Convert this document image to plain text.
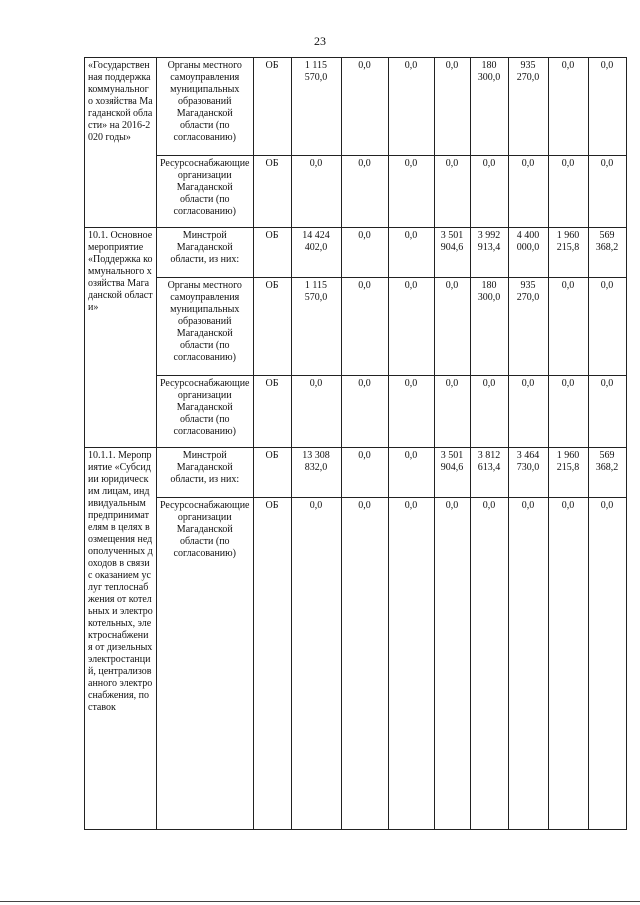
23
«Государственная поддержка коммунального хозяйства Магаданской области» на 2016-2020 годы»	Органы местного самоуправления муниципальных образований Магаданской области (по согласованию)	ОБ	1 115 570,0	0,0	0,0	0,0	180 300,0	935 270,0	0,0	0,0
	Ресурсоснабжающие организации Магаданской области (по согласованию)	ОБ	0,0	0,0	0,0	0,0	0,0	0,0	0,0	0,0
10.1. Основное мероприятие «Поддержка коммунального хозяйства Магаданской области»	Минстрой Магаданской области, из них:	ОБ	14 424 402,0	0,0	0,0	3 501 904,6	3 992 913,4	4 400 000,0	1 960 215,8	569 368,2
	Органы местного самоуправления муниципальных образований Магаданской области (по согласованию)	ОБ	1 115 570,0	0,0	0,0	0,0	180 300,0	935 270,0	0,0	0,0
	Ресурсоснабжающие организации Магаданской области (по согласованию)	ОБ	0,0	0,0	0,0	0,0	0,0	0,0	0,0	0,0
10.1.1. Мероприятие «Субсидии юридическим лицам, индивидуальным предпринимателям в целях возмещения недополученных доходов в связи с оказанием услуг теплоснабжения от котельных и электрокотельных, электроснабжения от дизельных электростанций, централизованного электроснабжения, поставок	Минстрой Магаданской области, из них:	ОБ	13 308 832,0	0,0	0,0	3 501 904,6	3 812 613,4	3 464 730,0	1 960 215,8	569 368,2
	Ресурсоснабжающие организации Магаданской области (по согласованию)	ОБ	0,0	0,0	0,0	0,0	0,0	0,0	0,0	0,0
